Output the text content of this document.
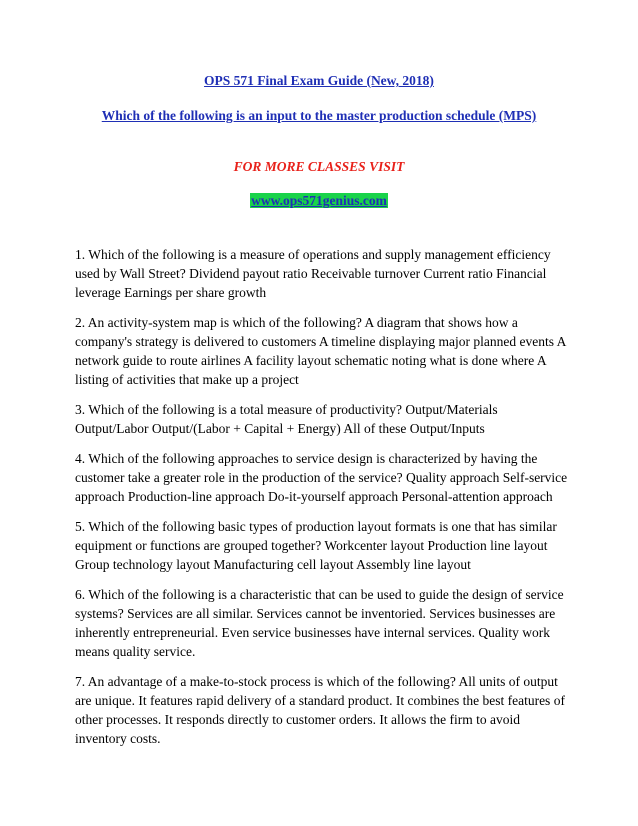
OPS 571 Final Exam Guide (New, 2018)
Which of the following is an input to the master production schedule (MPS)
FOR MORE CLASSES VISIT
www.ops571genius.com

1. Which of the following is a measure of operations and supply management efficiency used by Wall Street? Dividend payout ratio Receivable turnover Current ratio Financial leverage Earnings per share growth

2. An activity-system map is which of the following? A diagram that shows how a company's strategy is delivered to customers A timeline displaying major planned events A network guide to route airlines A facility layout schematic noting what is done where A listing of activities that make up a project

3. Which of the following is a total measure of productivity? Output/Materials Output/Labor Output/(Labor + Capital + Energy) All of these Output/Inputs

4. Which of the following approaches to service design is characterized by having the customer take a greater role in the production of the service? Quality approach Self-service approach Production-line approach Do-it-yourself approach Personal-attention approach

5. Which of the following basic types of production layout formats is one that has similar equipment or functions are grouped together? Workcenter layout Production line layout Group technology layout Manufacturing cell layout Assembly line layout

6. Which of the following is a characteristic that can be used to guide the design of service systems? Services are all similar. Services cannot be inventoried. Services businesses are inherently entrepreneurial. Even service businesses have internal services. Quality work means quality service.

7. An advantage of a make-to-stock process is which of the following? All units of output are unique. It features rapid delivery of a standard product. It combines the best features of other processes. It responds directly to customer orders. It allows the firm to avoid inventory costs.
